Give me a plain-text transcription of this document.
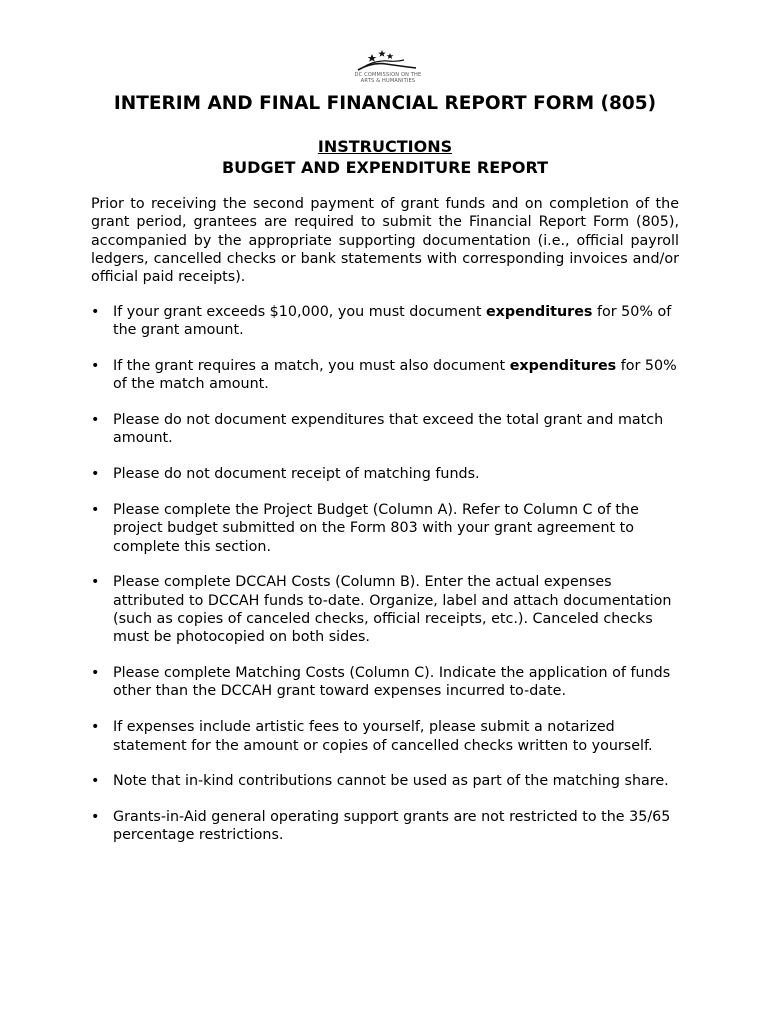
DC COMMISSION ON THE ARTS & HUMANITIES
INTERIM AND FINAL FINANCIAL REPORT FORM (805)
INSTRUCTIONS
BUDGET AND EXPENDITURE REPORT

Prior to receiving the second payment of grant funds and on completion of the grant period, grantees are required to submit the Financial Report Form (805), accompanied by the appropriate supporting documentation (i.e., official payroll ledgers, cancelled checks or bank statements with corresponding invoices and/or official paid receipts).

• If your grant exceeds $10,000, you must document expenditures for 50% of the grant amount.
• If the grant requires a match, you must also document expenditures for 50% of the match amount.
• Please do not document expenditures that exceed the total grant and match amount.
• Please do not document receipt of matching funds.
• Please complete the Project Budget (Column A). Refer to Column C of the project budget submitted on the Form 803 with your grant agreement to complete this section.
• Please complete DCCAH Costs (Column B). Enter the actual expenses attributed to DCCAH funds to-date. Organize, label and attach documentation (such as copies of canceled checks, official receipts, etc.). Canceled checks must be photocopied on both sides.
• Please complete Matching Costs (Column C). Indicate the application of funds other than the DCCAH grant toward expenses incurred to-date.
• If expenses include artistic fees to yourself, please submit a notarized statement for the amount or copies of cancelled checks written to yourself.
• Note that in-kind contributions cannot be used as part of the matching share.
• Grants-in-Aid general operating support grants are not restricted to the 35/65 percentage restrictions.
